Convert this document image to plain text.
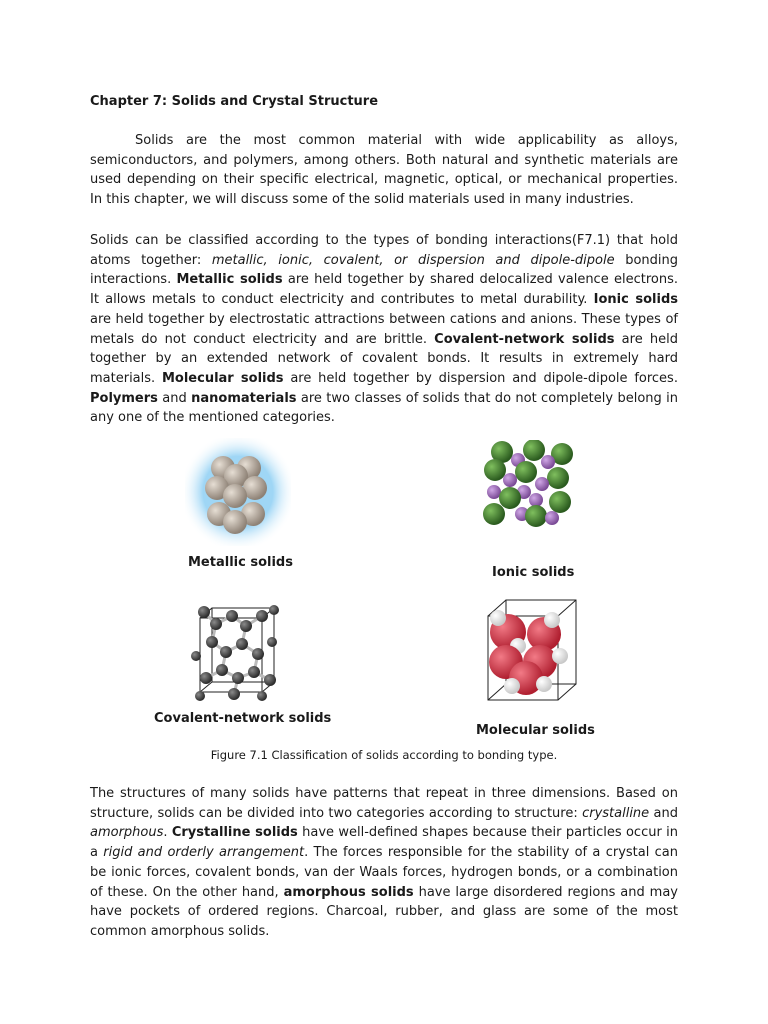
Chapter 7: Solids and Crystal Structure

Solids are the most common material with wide applicability as alloys, semiconductors, and polymers, among others. Both natural and synthetic materials are used depending on their specific electrical, magnetic, optical, or mechanical properties. In this chapter, we will discuss some of the solid materials used in many industries.

Solids can be classified according to the types of bonding interactions(F7.1) that hold atoms together: metallic, ionic, covalent, or dispersion and dipole-dipole bonding interactions. Metallic solids are held together by shared delocalized valence electrons. It allows metals to conduct electricity and contributes to metal durability. Ionic solids are held together by electrostatic attractions between cations and anions. These types of metals do not conduct electricity and are brittle. Covalent-network solids are held together by an extended network of covalent bonds. It results in extremely hard materials. Molecular solids are held together by dispersion and dipole-dipole forces. Polymers and nanomaterials are two classes of solids that do not completely belong in any one of the mentioned categories.

Metallic solids
Ionic solids
Covalent-network solids
Molecular solids
Figure 7.1 Classification of solids according to bonding type.

The structures of many solids have patterns that repeat in three dimensions. Based on structure, solids can be divided into two categories according to structure: crystalline and amorphous. Crystalline solids have well-defined shapes because their particles occur in a rigid and orderly arrangement. The forces responsible for the stability of a crystal can be ionic forces, covalent bonds, van der Waals forces, hydrogen bonds, or a combination of these. On the other hand, amorphous solids have large disordered regions and may have pockets of ordered regions. Charcoal, rubber, and glass are some of the most common amorphous solids.
